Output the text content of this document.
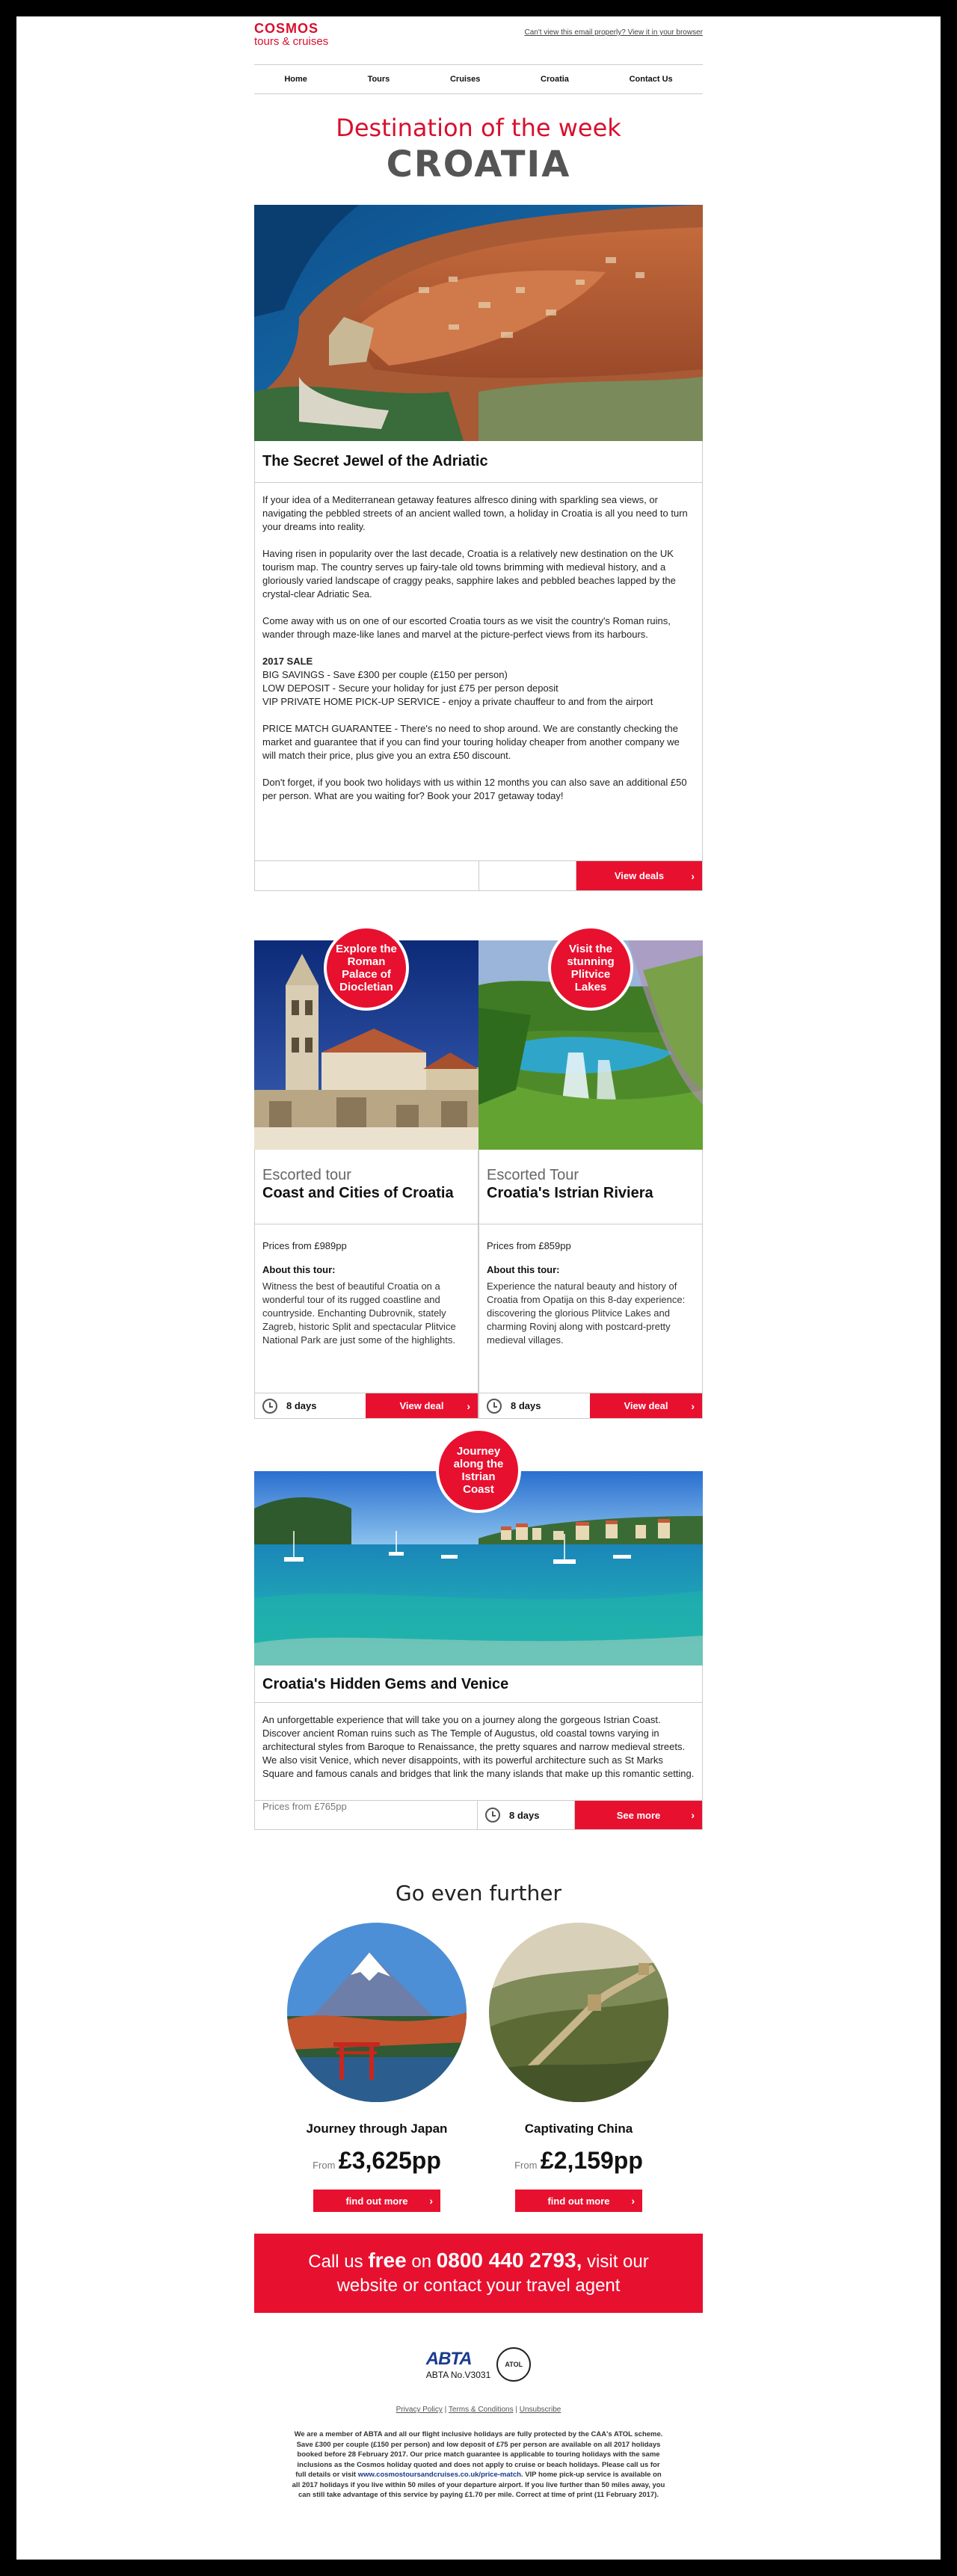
COSMOS
tours & cruises
Can't view this email properly? View it in your browser
Home	Tours	Cruises	Croatia	Contact Us
Destination of the week
CROATIA
The Secret Jewel of the Adriatic

If your idea of a Mediterranean getaway features alfresco dining with sparkling sea views, or navigating the pebbled streets of an ancient walled town, a holiday in Croatia is all you need to turn your dreams into reality.

Having risen in popularity over the last decade, Croatia is a relatively new destination on the UK tourism map. The country serves up fairy-tale old towns brimming with medieval history, and a gloriously varied landscape of craggy peaks, sapphire lakes and pebbled beaches lapped by the crystal-clear Adriatic Sea.

Come away with us on one of our escorted Croatia tours as we visit the country's Roman ruins, wander through maze-like lanes and marvel at the picture-perfect views from its harbours.

2017 SALE
BIG SAVINGS - Save £300 per couple (£150 per person)
LOW DEPOSIT - Secure your holiday for just £75 per person deposit
VIP PRIVATE HOME PICK-UP SERVICE - enjoy a private chauffeur to and from the airport

PRICE MATCH GUARANTEE - There's no need to shop around. We are constantly checking the market and guarantee that if you can find your touring holiday cheaper from another company we will match their price, plus give you an extra £50 discount.

Don't forget, if you book two holidays with us within 12 months you can also save an additional £50 per person. What are you waiting for? Book your 2017 getaway today!

View deals	›
Explore the Roman Palace of Diocletian
Escorted tour
Coast and Cities of Croatia
Prices from £989pp
About this tour:
Witness the best of beautiful Croatia on a wonderful tour of its rugged coastline and countryside. Enchanting Dubrovnik, stately Zagreb, historic Split and spectacular Plitvice National Park are just some of the highlights.
8 days	View deal ›
Visit the stunning Plitvice Lakes
Escorted Tour
Croatia's Istrian Riviera
Prices from £859pp
About this tour:
Experience the natural beauty and history of Croatia from Opatija on this 8-day experience: discovering the glorious Plitvice Lakes and charming Rovinj along with postcard-pretty medieval villages.
8 days	View deal ›
Journey along the Istrian Coast
Croatia's Hidden Gems and Venice
An unforgettable experience that will take you on a journey along the gorgeous Istrian Coast. Discover ancient Roman ruins such as The Temple of Augustus, old coastal towns varying in architectural styles from Baroque to Renaissance, the pretty squares and narrow medieval streets. We also visit Venice, which never disappoints, with its powerful architecture such as St Marks Square and famous canals and bridges that link the many islands that make up this romantic setting.
Prices from £765pp
8 days	See more	›
Go even further
Journey through Japan
From £3,625pp
find out more ›
Captivating China
From £2,159pp
find out more ›
Call us free on 0800 440 2793, visit our website or contact your travel agent
ABTA
ABTA No.V3031
ATOL
Privacy Policy | Terms & Conditions | Unsubscribe
We are a member of ABTA and all our flight inclusive holidays are fully protected by the CAA's ATOL scheme. Save £300 per couple (£150 per person) and low deposit of £75 per person are available on all 2017 holidays booked before 28 February 2017. Our price match guarantee is applicable to touring holidays with the same inclusions as the Cosmos holiday quoted and does not apply to cruise or beach holidays. Please call us for full details or visit www.cosmostoursandcruises.co.uk/price-match. VIP home pick-up service is available on all 2017 holidays if you live within 50 miles of your departure airport. If you live further than 50 miles away, you can still take advantage of this service by paying £1.70 per mile. Correct at time of print (11 February 2017).
